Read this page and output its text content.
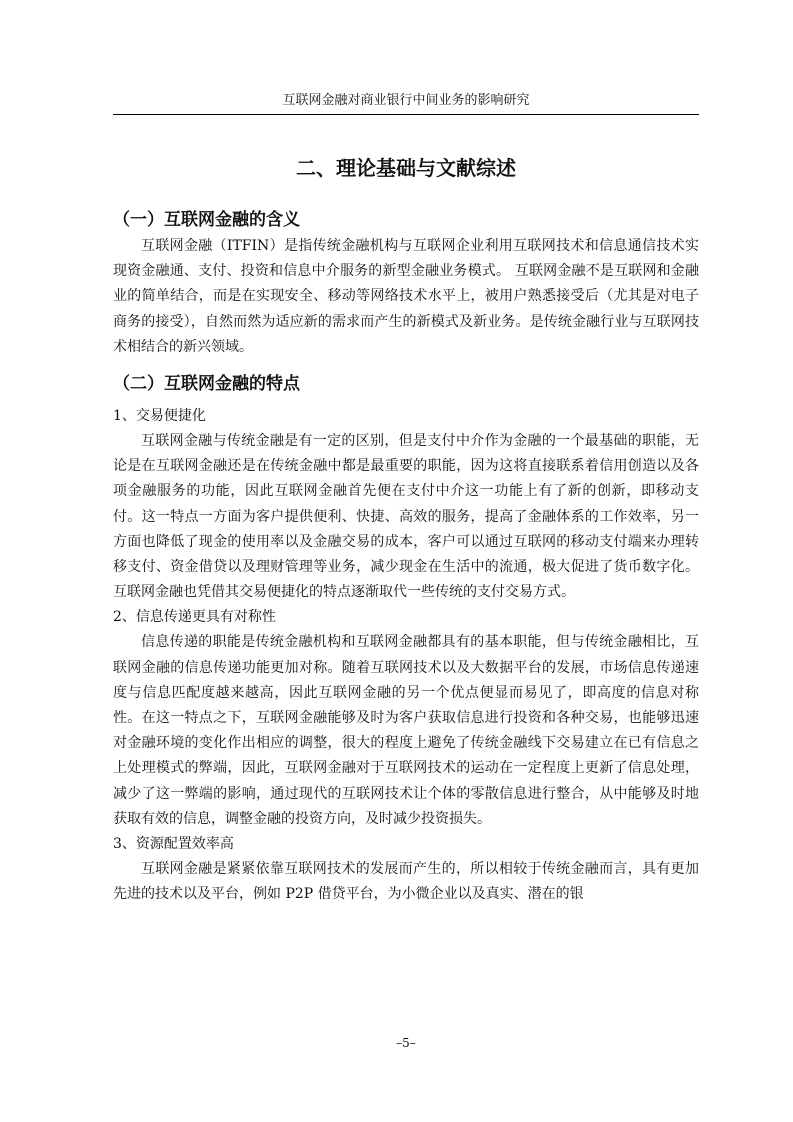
互联网金融对商业银行中间业务的影响研究
二、理论基础与文献综述
（一）互联网金融的含义

互联网金融（ITFIN）是指传统金融机构与互联网企业利用互联网技术和信息通信技术实现资金融通、支付、投资和信息中介服务的新型金融业务模式。 互联网金融不是互联网和金融业的简单结合，而是在实现安全、移动等网络技术水平上，被用户熟悉接受后（尤其是对电子商务的接受），自然而然为适应新的需求而产生的新模式及新业务。是传统金融行业与互联网技术相结合的新兴领域。

（二）互联网金融的特点
1、交易便捷化

互联网金融与传统金融是有一定的区别，但是支付中介作为金融的一个最基础的职能，无论是在互联网金融还是在传统金融中都是最重要的职能，因为这将直接联系着信用创造以及各项金融服务的功能，因此互联网金融首先便在支付中介这一功能上有了新的创新，即移动支付。这一特点一方面为客户提供便利、快捷、高效的服务，提高了金融体系的工作效率，另一方面也降低了现金的使用率以及金融交易的成本，客户可以通过互联网的移动支付端来办理转移支付、资金借贷以及理财管理等业务，减少现金在生活中的流通，极大促进了货币数字化。互联网金融也凭借其交易便捷化的特点逐渐取代一些传统的支付交易方式。

2、信息传递更具有对称性

信息传递的职能是传统金融机构和互联网金融都具有的基本职能，但与传统金融相比，互联网金融的信息传递功能更加对称。随着互联网技术以及大数据平台的发展，市场信息传递速度与信息匹配度越来越高，因此互联网金融的另一个优点便显而易见了，即高度的信息对称性。在这一特点之下，互联网金融能够及时为客户获取信息进行投资和各种交易，也能够迅速对金融环境的变化作出相应的调整，很大的程度上避免了传统金融线下交易建立在已有信息之上处理模式的弊端，因此，互联网金融对于互联网技术的运动在一定程度上更新了信息处理，减少了这一弊端的影响，通过现代的互联网技术让个体的零散信息进行整合，从中能够及时地获取有效的信息，调整金融的投资方向，及时减少投资损失。

3、资源配置效率高

互联网金融是紧紧依靠互联网技术的发展而产生的，所以相较于传统金融而言，具有更加先进的技术以及平台，例如 P2P 借贷平台，为小微企业以及真实、潜在的银

–5–
